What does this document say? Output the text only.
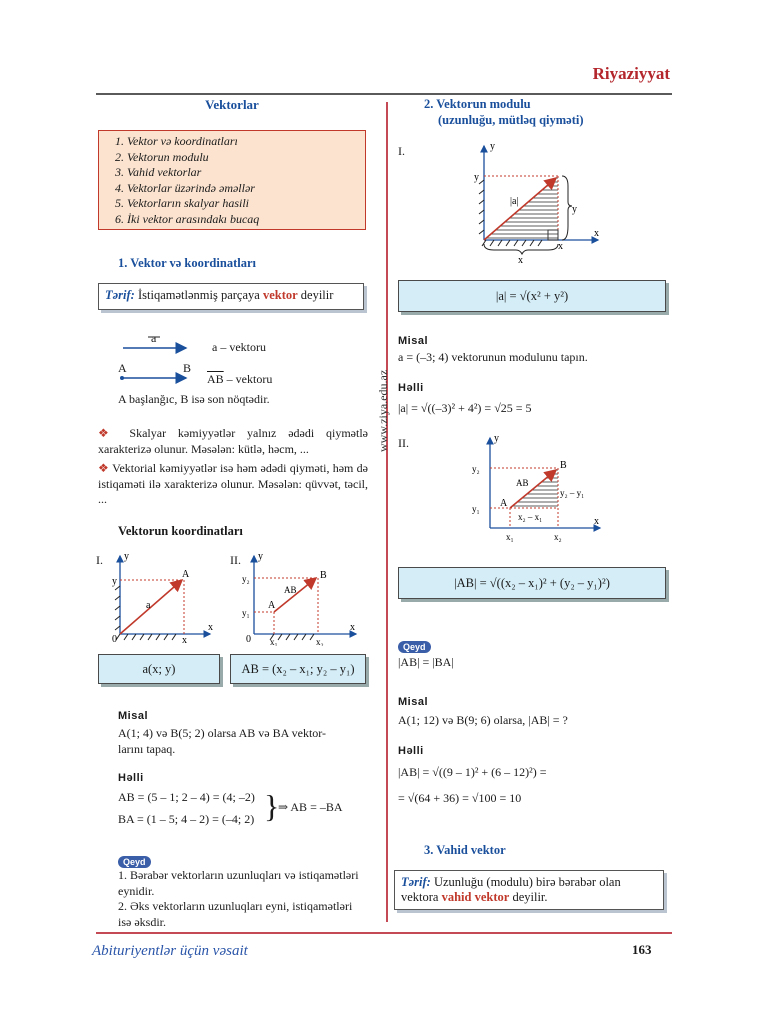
Riyaziyyat
www.ziya.edu.az
Vektorlar
1. Vektor və koordinatları
2. Vektorun modulu
3. Vahid vektorlar
4. Vektorlar üzərində əməllər
5. Vektorların skalyar hasili
6. İki vektor arasındakı bucaq
1. Vektor və koordinatları
Tərif: İstiqamətlənmiş parçaya vektor deyilir
a
a – vektoru
A	B
$\overline{AB}$ – vektoru
A başlanğıc, B isə son nöqtədir.
❖ Skalyar kəmiyyətlər yalnız ədədi qiymətlə xarakterizə olunur. Məsələn: kütlə, həcm, ...
❖ Vektorial kəmiyyətlər isə həm ədədi qiyməti, həm də istiqaməti ilə xarakterizə olunur. Məsələn: qüvvət, təcil, ...
Vektorun koordinatları
I.	II.
y
y
A
a
0	x
x
y
y₂
y₁
B
A
AB
0 x₁	x₂
x
a(x; y)	AB = (x₂ – x₁; y₂ – y₁)
Misal
A(1; 4) və B(5; 2) olarsa AB və BA vektor-
larını tapaq.
Həlli
AB = (5 – 1; 2 – 4) = (4; –2)
BA = (1 – 5; 4 – 2) = (–4; 2) }
⇒ AB = –BA
Qeyd
1. Bərabər vektorların uzunluqları və istiqamətləri eynidir.
2. Əks vektorların uzunluqları eyni, istiqamətləri isə əksdir.
2. Vektorun modulu
(uzunluğu, mütləq qiyməti)
I.	y
y
|a|
y
x
x
x
|a| = √(x² + y²)
Misal
a = (–3; 4) vektorunun modulunu tapın.
Həlli
|a| = √((–3)² + 4²) = √25 = 5
II.	y
y₂
y₁
B
A
AB
y₂ – y₁
x₂ – x₁
x₁	x₂
x
|AB| = √((x₂ – x₁)² + (y₂ – y₁)²)
Qeyd
|AB| = |BA|
Misal
A(1; 12) və B(9; 6) olarsa, |AB| = ?
Həlli
|AB| = √((9 – 1)² + (6 – 12)²) =
= √(64 + 36) = √100 = 10
3. Vahid vektor
Tərif: Uzunluğu (modulu) birə bərabər olan vektora vahid vektor deyilir.
Abituriyentlər üçün vəsait	163
